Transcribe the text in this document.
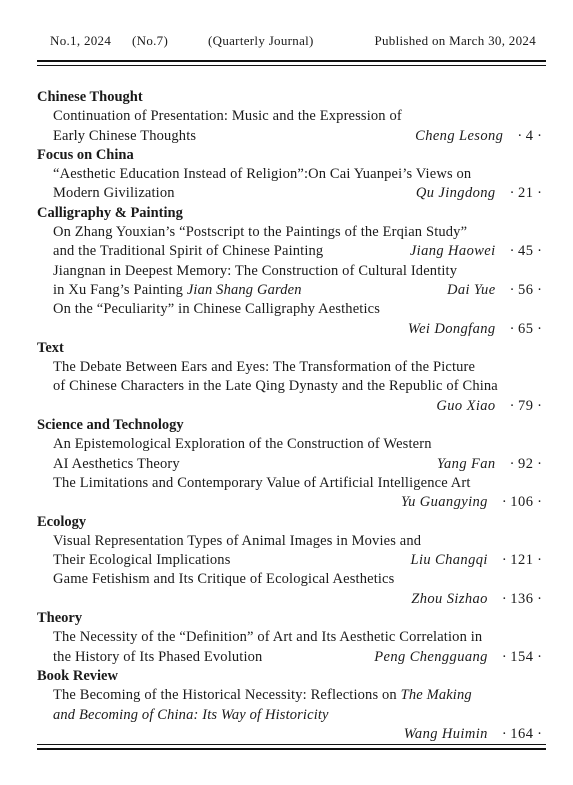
No.1, 2024 (No.7)	(Quarterly Journal)	Published on March 30, 2024
Chinese Thought
Continuation of Presentation: Music and the Expression of
Early Chinese Thoughts	Cheng Lesong · 4 ·
Focus on China
“Aesthetic Education Instead of Religion”:On Cai Yuanpei’s Views on
Modern Givilization	Qu Jingdong · 21 ·
Calligraphy & Painting
On Zhang Youxian’s “Postscript to the Paintings of the Erqian Study”
and the Traditional Spirit of Chinese Painting	Jiang Haowei · 45 ·
Jiangnan in Deepest Memory: The Construction of Cultural Identity
in Xu Fang’s Painting Jian Shang Garden	Dai Yue · 56 ·
On the “Peculiarity” in Chinese Calligraphy Aesthetics
Wei Dongfang · 65 ·
Text
The Debate Between Ears and Eyes: The Transformation of the Picture
of Chinese Characters in the Late Qing Dynasty and the Republic of China
Guo Xiao · 79 ·
Science and Technology
An Epistemological Exploration of the Construction of Western
AI Aesthetics Theory	Yang Fan · 92 ·
The Limitations and Contemporary Value of Artificial Intelligence Art
Yu Guangying · 106 ·
Ecology
Visual Representation Types of Animal Images in Movies and
Their Ecological Implications	Liu Changqi · 121 ·
Game Fetishism and Its Critique of Ecological Aesthetics
Zhou Sizhao · 136 ·
Theory
The Necessity of the “Definition” of Art and Its Aesthetic Correlation in
the History of Its Phased Evolution	Peng Chengguang · 154 ·
Book Review
The Becoming of the Historical Necessity: Reflections on The Making
and Becoming of China: Its Way of Historicity
Wang Huimin · 164 ·
